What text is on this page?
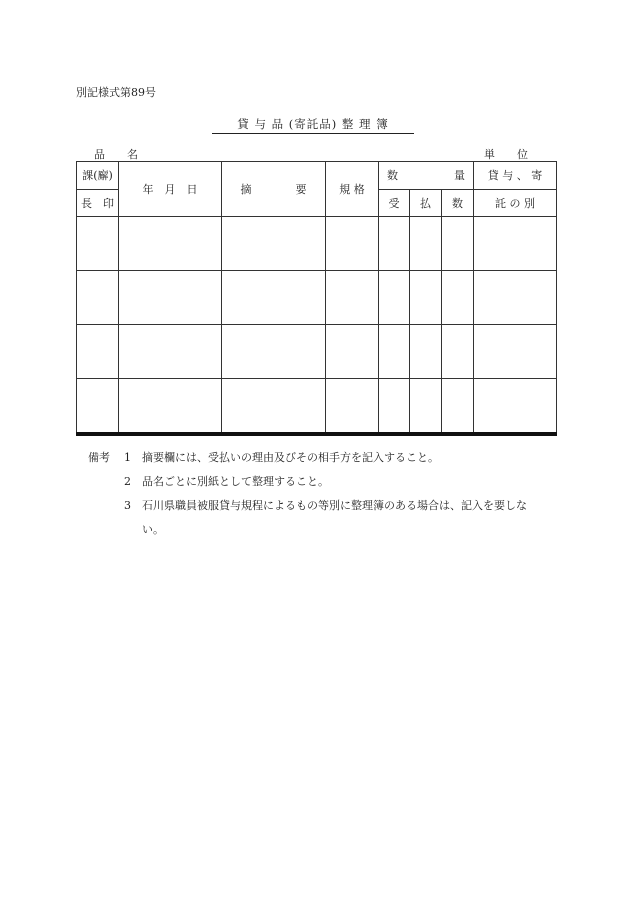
別記様式第89号
貸 与 品 (寄託品) 整 理 簿
品　　名	単　　位
課(廨)	年　月　日	摘　　　　要	規 格	数 量			貸 与 、 寄
長　印				受	払	数	託 の 別

備考 1 摘要欄には、受払いの理由及びその相手方を記入すること。
2 品名ごとに別紙として整理すること。
3 石川県職員被服貸与規程によるもの等別に整理簿のある場合は、記入を要しな
い。
